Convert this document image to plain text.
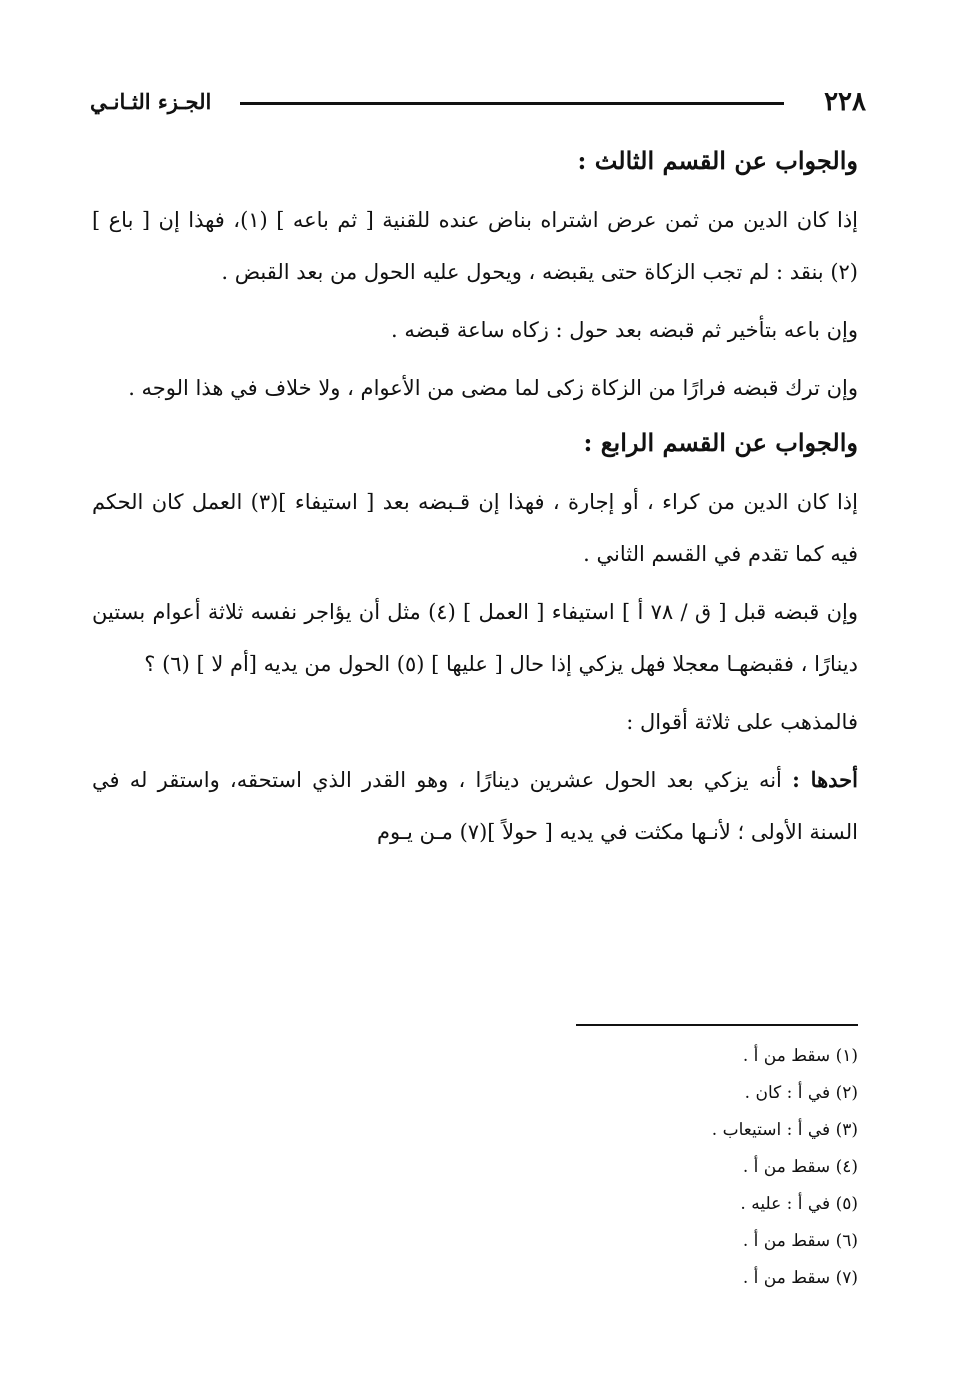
٢٢٨
الجـزء الثـانـي

والجواب عن القسم الثالث :

إذا كان الدين من ثمن عرض اشتراه بناض عنده للقنية [ ثم باعه ] (١)، فهذا إن [ باع ] (٢) بنقد : لم تجب الزكاة حتى يقبضه ، ويحول عليه الحول من بعد القبض .

وإن باعه بتأخير ثم قبضه بعد حول : زكاه ساعة قبضه .

وإن ترك قبضه فرارًا من الزكاة زكى لما مضى من الأعوام ، ولا خلاف في هذا الوجه .

والجواب عن القسم الرابع :

إذا كان الدين من كراء ، أو إجارة ، فهذا إن قـبضه بعد [ استيفاء ](٣) العمل كان الحكم فيه كما تقدم في القسم الثاني .

وإن قبضه قبل [ ق / ٧٨ أ ] استيفاء [ العمل ] (٤) مثل أن يؤاجر نفسه ثلاثة أعوام بستين دينارًا ، فقبضهـا معجلا فهل يزكي إذا حال [ عليها ] (٥) الحول من يديه [أم لا ] (٦) ؟

فالمذهب على ثلاثة أقوال :

أحدها : أنه يزكي بعد الحول عشرين دينارًا ، وهو القدر الذي استحقه، واستقر له في السنة الأولى ؛ لأنـها مكثت في يديه [ حولاً ](٧) مـن يـوم

(١) سقط من أ .
(٢) في أ : كان .
(٣) في أ : استيعاب .
(٤) سقط من أ .
(٥) في أ : عليه .
(٦) سقط من أ .
(٧) سقط من أ .
